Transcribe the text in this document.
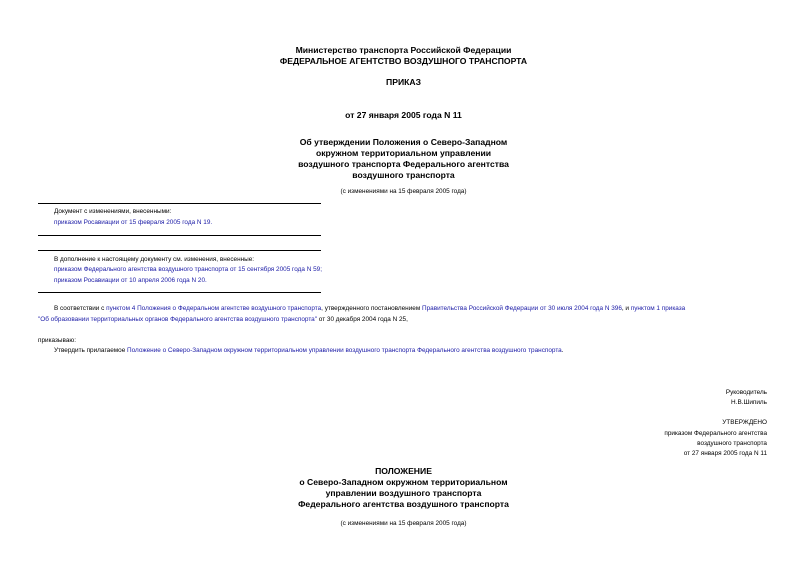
Министерство транспорта Российской Федерации
ФЕДЕРАЛЬНОЕ АГЕНТСТВО ВОЗДУШНОГО ТРАНСПОРТА
ПРИКАЗ
от 27 января 2005 года N 11
Об утверждении Положения о Северо-Западном
окружном территориальном управлении
воздушного транспорта Федерального агентства
воздушного транспорта
(с изменениями на 15 февраля 2005 года)
Документ с изменениями, внесенными:
приказом Росавиации от 15 февраля 2005 года N 19.
В дополнение к настоящему документу см. изменения, внесенные:
приказом Федерального агентства воздушного транспорта от 15 сентября 2005 года N 59;
приказом Росавиации от 10 апреля 2006 года N 20.
В соответствии с пунктом 4 Положения о Федеральном агентстве воздушного транспорта, утвержденного постановлением Правительства Российской Федерации от 30 июля 2004 года N 396, и пунктом 1 приказа
"Об образовании территориальных органов Федерального агентства воздушного транспорта" от 30 декабря 2004 года N 25,
приказываю:
Утвердить прилагаемое Положение о Северо-Западном окружном территориальном управлении воздушного транспорта Федерального агентства воздушного транспорта.
Руководитель
Н.В.Шипиль
УТВЕРЖДЕНО
приказом Федерального агентства
воздушного транспорта
от 27 января 2005 года N 11
ПОЛОЖЕНИЕ
о Северо-Западном окружном территориальном
управлении воздушного транспорта
Федерального агентства воздушного транспорта
(с изменениями на 15 февраля 2005 года)
